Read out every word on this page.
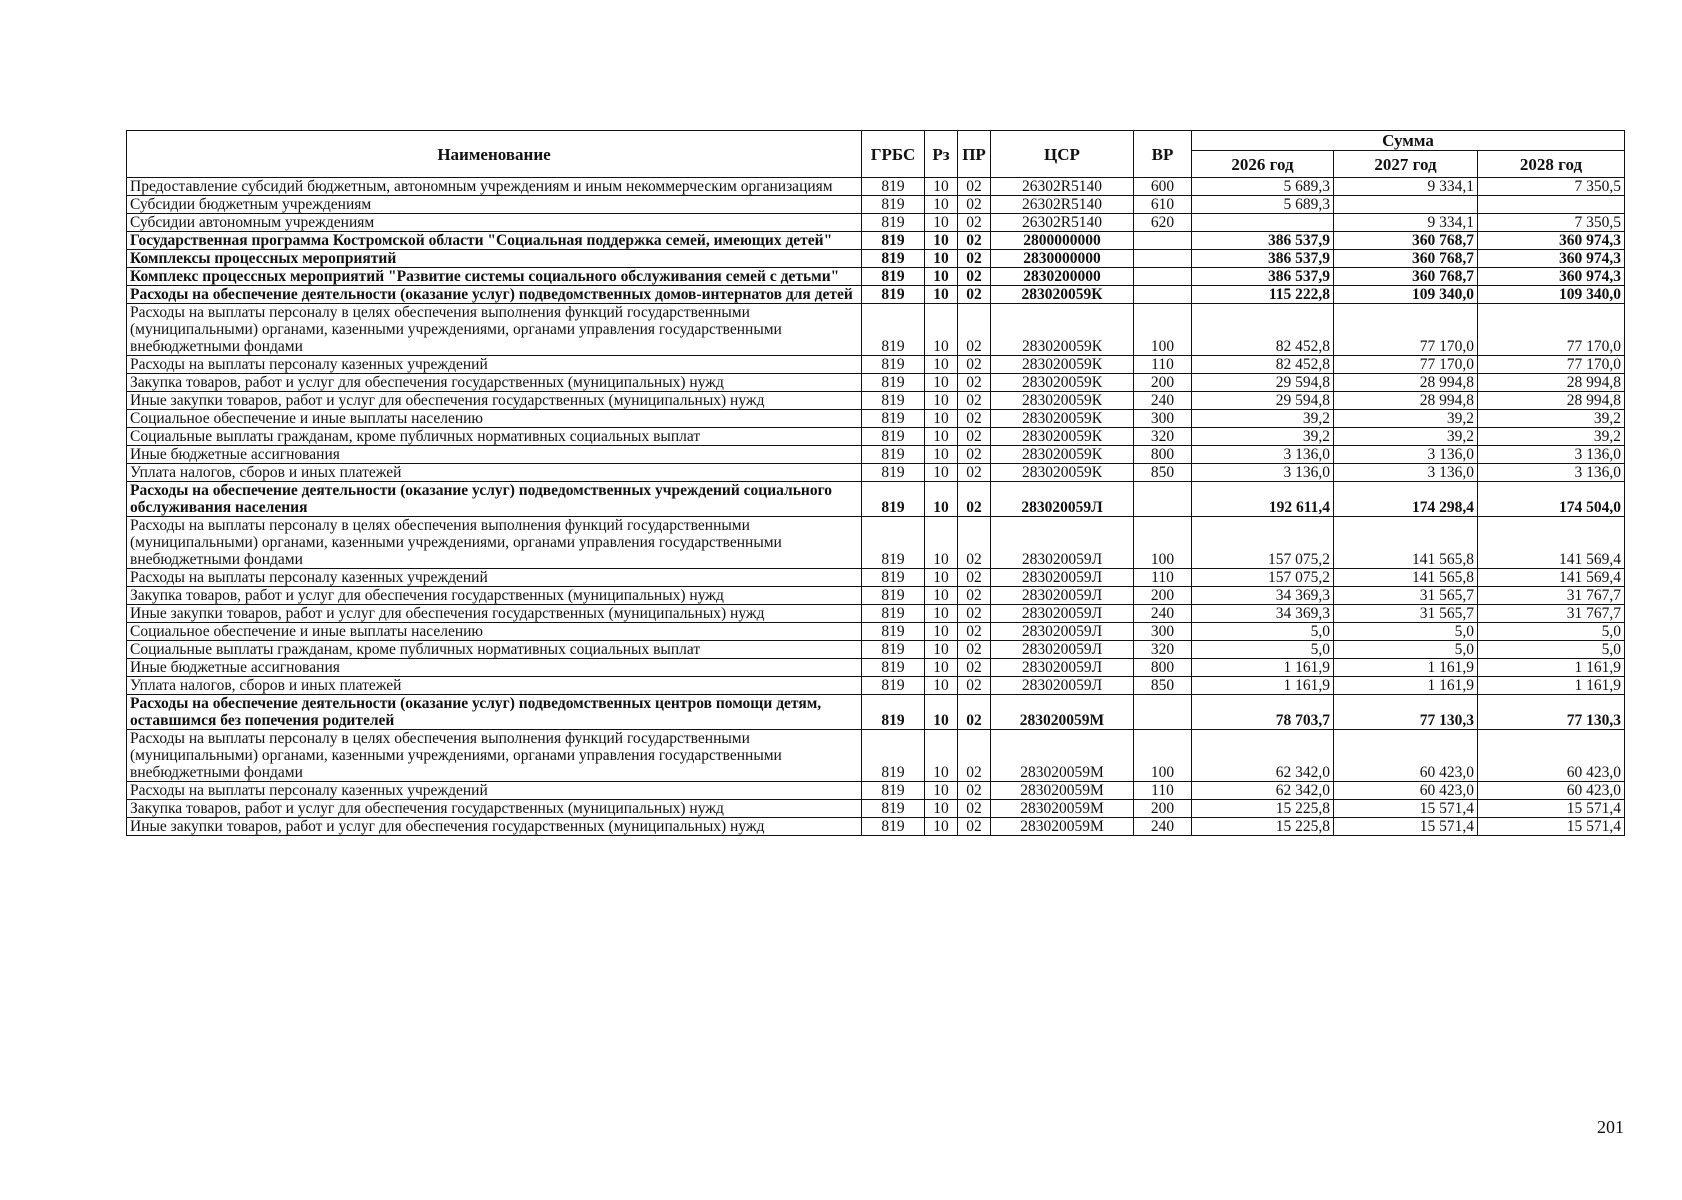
Наименование	ГРБС	Рз	ПР	ЦСР	ВР	Сумма		
						2026 год	2027 год	2028 год
Предоставление субсидий бюджетным, автономным учреждениям и иным некоммерческим организациям	819	10	02	26302R5140	600	5 689,3	9 334,1	7 350,5
Субсидии бюджетным учреждениям	819	10	02	26302R5140	610	5 689,3		
Субсидии автономным учреждениям	819	10	02	26302R5140	620		9 334,1	7 350,5
Государственная программа Костромской области "Социальная поддержка семей, имеющих детей"	819	10	02	2800000000		386 537,9	360 768,7	360 974,3
Комплексы процессных мероприятий	819	10	02	2830000000		386 537,9	360 768,7	360 974,3
Комплекс процессных мероприятий "Развитие системы социального обслуживания семей с детьми"	819	10	02	2830200000		386 537,9	360 768,7	360 974,3
Расходы на обеспечение деятельности (оказание услуг) подведомственных домов-интернатов для детей	819	10	02	283020059К		115 222,8	109 340,0	109 340,0
Расходы на выплаты персоналу в целях обеспечения выполнения функций государственными (муниципальными) органами, казенными учреждениями, органами управления государственными внебюджетными фондами	819	10	02	283020059К	100	82 452,8	77 170,0	77 170,0
Расходы на выплаты персоналу казенных учреждений	819	10	02	283020059К	110	82 452,8	77 170,0	77 170,0
Закупка товаров, работ и услуг для обеспечения государственных (муниципальных) нужд	819	10	02	283020059К	200	29 594,8	28 994,8	28 994,8
Иные закупки товаров, работ и услуг для обеспечения государственных (муниципальных) нужд	819	10	02	283020059К	240	29 594,8	28 994,8	28 994,8
Социальное обеспечение и иные выплаты населению	819	10	02	283020059К	300	39,2	39,2	39,2
Социальные выплаты гражданам, кроме публичных нормативных социальных выплат	819	10	02	283020059К	320	39,2	39,2	39,2
Иные бюджетные ассигнования	819	10	02	283020059К	800	3 136,0	3 136,0	3 136,0
Уплата налогов, сборов и иных платежей	819	10	02	283020059К	850	3 136,0	3 136,0	3 136,0
Расходы на обеспечение деятельности (оказание услуг) подведомственных учреждений социального обслуживания населения	819	10	02	283020059Л		192 611,4	174 298,4	174 504,0
Расходы на выплаты персоналу в целях обеспечения выполнения функций государственными (муниципальными) органами, казенными учреждениями, органами управления государственными внебюджетными фондами	819	10	02	283020059Л	100	157 075,2	141 565,8	141 569,4
Расходы на выплаты персоналу казенных учреждений	819	10	02	283020059Л	110	157 075,2	141 565,8	141 569,4
Закупка товаров, работ и услуг для обеспечения государственных (муниципальных) нужд	819	10	02	283020059Л	200	34 369,3	31 565,7	31 767,7
Иные закупки товаров, работ и услуг для обеспечения государственных (муниципальных) нужд	819	10	02	283020059Л	240	34 369,3	31 565,7	31 767,7
Социальное обеспечение и иные выплаты населению	819	10	02	283020059Л	300	5,0	5,0	5,0
Социальные выплаты гражданам, кроме публичных нормативных социальных выплат	819	10	02	283020059Л	320	5,0	5,0	5,0
Иные бюджетные ассигнования	819	10	02	283020059Л	800	1 161,9	1 161,9	1 161,9
Уплата налогов, сборов и иных платежей	819	10	02	283020059Л	850	1 161,9	1 161,9	1 161,9
Расходы на обеспечение деятельности (оказание услуг) подведомственных центров помощи детям, оставшимся без попечения родителей	819	10	02	283020059М		78 703,7	77 130,3	77 130,3
Расходы на выплаты персоналу в целях обеспечения выполнения функций государственными (муниципальными) органами, казенными учреждениями, органами управления государственными внебюджетными фондами	819	10	02	283020059М	100	62 342,0	60 423,0	60 423,0
Расходы на выплаты персоналу казенных учреждений	819	10	02	283020059М	110	62 342,0	60 423,0	60 423,0
Закупка товаров, работ и услуг для обеспечения государственных (муниципальных) нужд	819	10	02	283020059М	200	15 225,8	15 571,4	15 571,4
Иные закупки товаров, работ и услуг для обеспечения государственных (муниципальных) нужд	819	10	02	283020059М	240	15 225,8	15 571,4	15 571,4
201
